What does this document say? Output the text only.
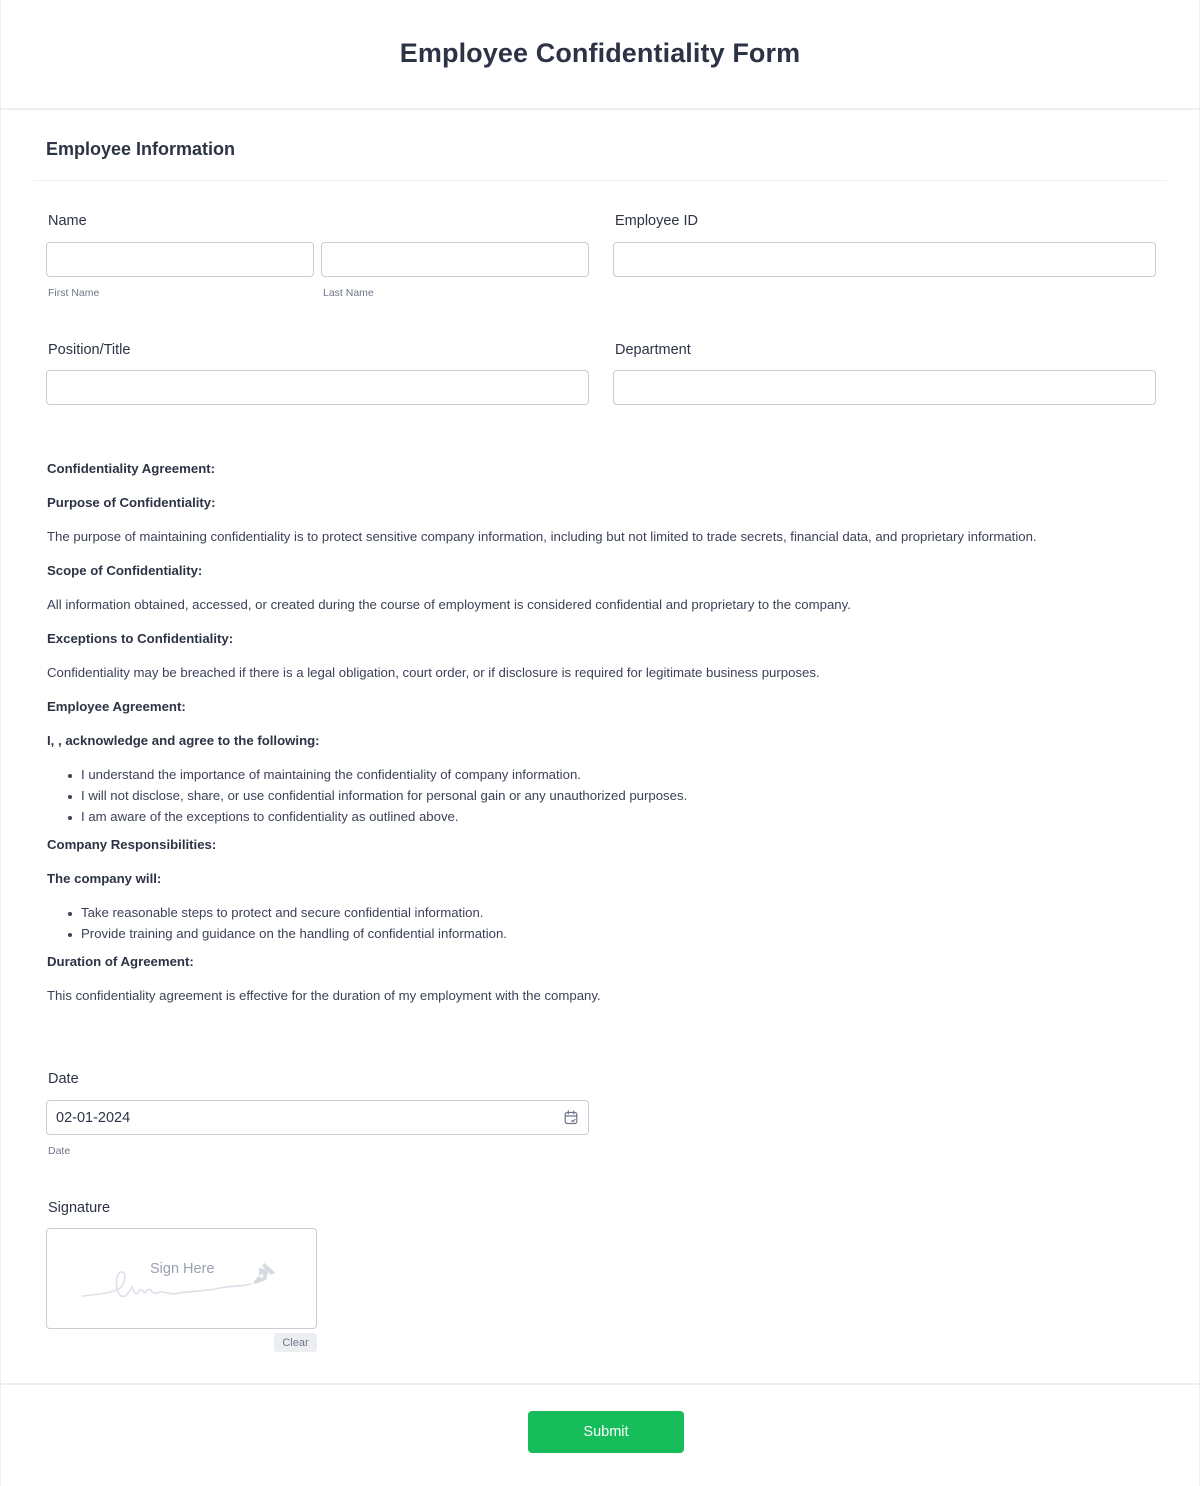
Employee Confidentiality Form
Employee Information
Name
First Name	Last Name
Employee ID
Position/Title	Department
Confidentiality Agreement:
Purpose of Confidentiality:
The purpose of maintaining confidentiality is to protect sensitive company information, including but not limited to trade secrets, financial data, and proprietary information.
Scope of Confidentiality:
All information obtained, accessed, or created during the course of employment is considered confidential and proprietary to the company.
Exceptions to Confidentiality:
Confidentiality may be breached if there is a legal obligation, court order, or if disclosure is required for legitimate business purposes.
Employee Agreement:
I, , acknowledge and agree to the following:
I understand the importance of maintaining the confidentiality of company information.
I will not disclose, share, or use confidential information for personal gain or any unauthorized purposes.
I am aware of the exceptions to confidentiality as outlined above.
Company Responsibilities:
The company will:
Take reasonable steps to protect and secure confidential information.
Provide training and guidance on the handling of confidential information.
Duration of Agreement:
This confidentiality agreement is effective for the duration of my employment with the company.
Date
02-01-2024
Date
Signature
Sign Here
Clear
Submit
